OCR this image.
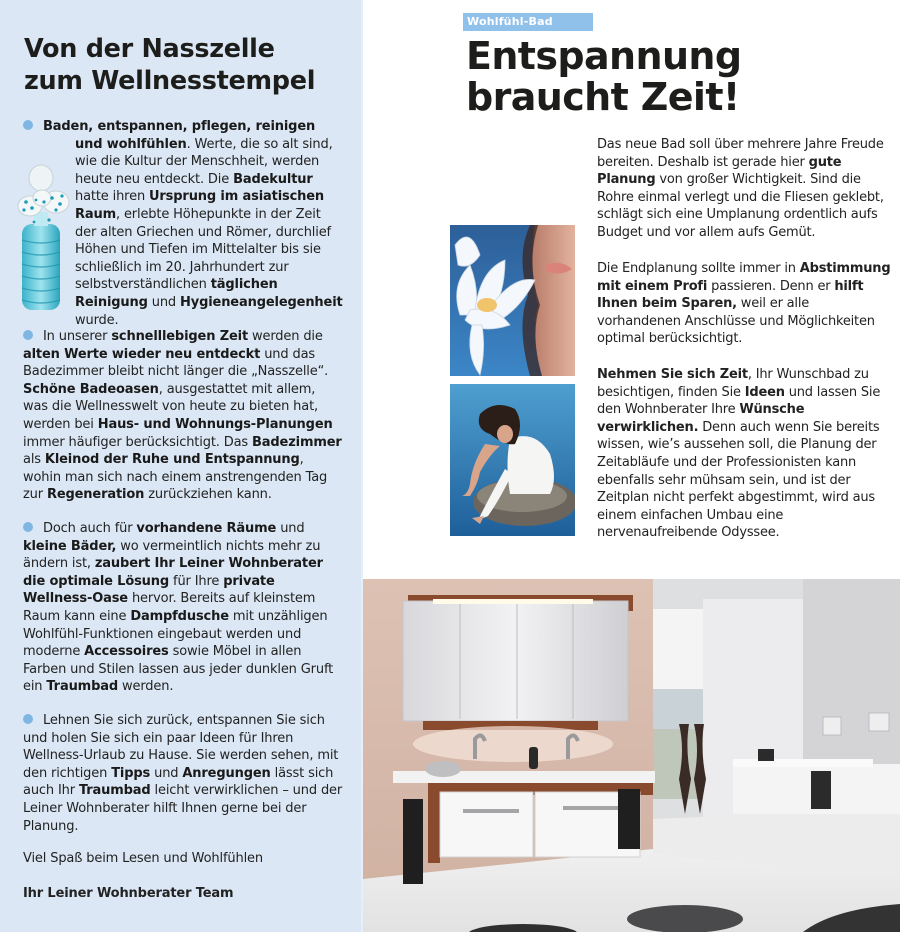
Von der Nasszelle
zum Wellnesstempel

Baden, entspannen, pflegen, reinigen und wohlfühlen. Werte, die so alt sind, wie die Kultur der Menschheit, werden heute neu entdeckt. Die Badekultur hatte ihren Ursprung im asiatischen Raum, erlebte Höhepunkte in der Zeit der alten Griechen und Römer, durchlief Höhen und Tiefen im Mittelalter bis sie schließlich im 20. Jahrhundert zur selbstverständlichen täglichen Reinigung und Hygieneangelegenheit wurde.

In unserer schnelllebigen Zeit werden die alten Werte wieder neu entdeckt und das Badezimmer bleibt nicht länger die „Nasszelle“. Schöne Badeoasen, ausgestattet mit allem, was die Wellnesswelt von heute zu bieten hat, werden bei Haus- und Wohnungs-Planungen immer häufiger berücksichtigt. Das Badezimmer als Kleinod der Ruhe und Entspannung, wohin man sich nach einem anstrengenden Tag zur Regeneration zurückziehen kann.

Doch auch für vorhandene Räume und kleine Bäder, wo vermeintlich nichts mehr zu ändern ist, zaubert Ihr Leiner Wohnberater die optimale Lösung für Ihre private Wellness-Oase hervor. Bereits auf kleinstem Raum kann eine Dampfdusche mit unzähligen Wohlfühl-Funktionen eingebaut werden und moderne Accessoires sowie Möbel in allen Farben und Stilen lassen aus jeder dunklen Gruft ein Traumbad werden.

Lehnen Sie sich zurück, entspannen Sie sich und holen Sie sich ein paar Ideen für Ihren Wellness-Urlaub zu Hause. Sie werden sehen, mit den richtigen Tipps und Anregungen lässt sich auch Ihr Traumbad leicht verwirklichen – und der Leiner Wohnberater hilft Ihnen gerne bei der Planung.

Viel Spaß beim Lesen und Wohlfühlen

Ihr Leiner Wohnberater Team

Wohlfühl-Bad
Entspannung
braucht Zeit!

Das neue Bad soll über mehrere Jahre Freude bereiten. Deshalb ist gerade hier gute Planung von großer Wichtigkeit. Sind die Rohre einmal verlegt und die Fliesen geklebt, schlägt sich eine Umplanung ordentlich aufs Budget und vor allem aufs Gemüt.

Die Endplanung sollte immer in Abstimmung mit einem Profi passieren. Denn er hilft Ihnen beim Sparen, weil er alle vorhandenen Anschlüsse und Möglichkeiten optimal berücksichtigt.

Nehmen Sie sich Zeit, Ihr Wunschbad zu besichtigen, finden Sie Ideen und lassen Sie den Wohnberater Ihre Wünsche verwirklichen. Denn auch wenn Sie bereits wissen, wie’s aussehen soll, die Planung der Zeitabläufe und der Professionisten kann ebenfalls sehr mühsam sein, und ist der Zeitplan nicht perfekt abgestimmt, wird aus einem einfachen Umbau eine nervenaufreibende Odyssee.
